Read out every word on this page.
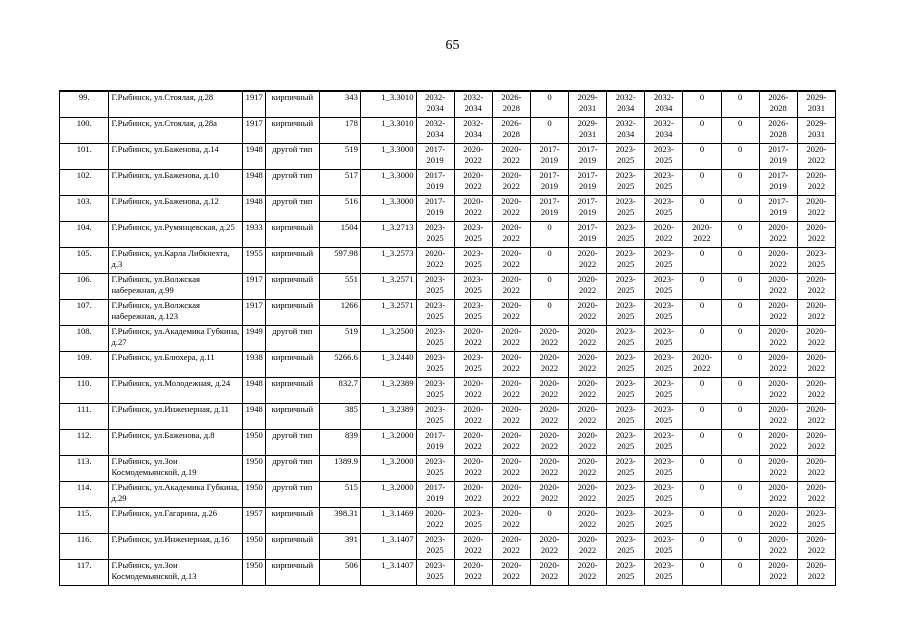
65
99.	Г.Рыбинск, ул.Стоялая, д.28	1917	кирпичный	343	1_3.3010	2032-2034	2032-2034	2026-2028	0	2029-2031	2032-2034	2032-2034	0	0	2026-2028	2029-2031
100.	Г.Рыбинск, ул.Стоялая, д.28а	1917	кирпичный	178	1_3.3010	2032-2034	2032-2034	2026-2028	0	2029-2031	2032-2034	2032-2034	0	0	2026-2028	2029-2031
101.	Г.Рыбинск, ул.Баженова, д.14	1948	другой тип	519	1_3.3000	2017-2019	2020-2022	2020-2022	2017-2019	2017-2019	2023-2025	2023-2025	0	0	2017-2019	2020-2022
102.	Г.Рыбинск, ул.Баженова, д.10	1948	другой тип	517	1_3.3000	2017-2019	2020-2022	2020-2022	2017-2019	2017-2019	2023-2025	2023-2025	0	0	2017-2019	2020-2022
103.	Г.Рыбинск, ул.Баженова, д.12	1948	другой тип	516	1_3.3000	2017-2019	2020-2022	2020-2022	2017-2019	2017-2019	2023-2025	2023-2025	0	0	2017-2019	2020-2022
104.	Г.Рыбинск, ул.Румянцевская, д.25	1933	кирпичный	1504	1_3.2713	2023-2025	2023-2025	2020-2022	0	2017-2019	2023-2025	2020-2022	2020-2022	0	2020-2022	2020-2022
105.	Г.Рыбинск, ул.Карла Либкнехта, д.3	1955	кирпичный	597.98	1_3.2573	2020-2022	2023-2025	2020-2022	0	2020-2022	2023-2025	2023-2025	0	0	2020-2022	2023-2025
106.	Г.Рыбинск, ул.Волжская набережная, д.99	1917	кирпичный	551	1_3.2571	2023-2025	2023-2025	2020-2022	0	2020-2022	2023-2025	2023-2025	0	0	2020-2022	2020-2022
107.	Г.Рыбинск, ул.Волжская набережная, д.123	1917	кирпичный	1266	1_3.2571	2023-2025	2023-2025	2020-2022	0	2020-2022	2023-2025	2023-2025	0	0	2020-2022	2020-2022
108.	Г.Рыбинск, ул.Академика Губкина, д.27	1949	другой тип	519	1_3.2500	2023-2025	2020-2022	2020-2022	2020-2022	2020-2022	2023-2025	2023-2025	0	0	2020-2022	2020-2022
109.	Г.Рыбинск, ул.Блюхера, д.11	1938	кирпичный	5266.6	1_3.2440	2023-2025	2023-2025	2020-2022	2020-2022	2020-2022	2023-2025	2023-2025	2020-2022	0	2020-2022	2020-2022
110.	Г.Рыбинск, ул.Молодежная, д.24	1948	кирпичный	832.7	1_3.2389	2023-2025	2020-2022	2020-2022	2020-2022	2020-2022	2023-2025	2023-2025	0	0	2020-2022	2020-2022
111.	Г.Рыбинск, ул.Инженерная, д.11	1948	кирпичный	385	1_3.2389	2023-2025	2020-2022	2020-2022	2020-2022	2020-2022	2023-2025	2023-2025	0	0	2020-2022	2020-2022
112.	Г.Рыбинск, ул.Баженова, д.8	1950	другой тип	839	1_3.2000	2017-2019	2020-2022	2020-2022	2020-2022	2020-2022	2023-2025	2023-2025	0	0	2020-2022	2020-2022
113.	Г.Рыбинск, ул.Зои Космодемьянской, д.19	1950	другой тип	1389.9	1_3.2000	2023-2025	2020-2022	2020-2022	2020-2022	2020-2022	2023-2025	2023-2025	0	0	2020-2022	2020-2022
114.	Г.Рыбинск, ул.Академика Губкина, д.29	1950	другой тип	515	1_3.2000	2017-2019	2020-2022	2020-2022	2020-2022	2020-2022	2023-2025	2023-2025	0	0	2020-2022	2020-2022
115.	Г.Рыбинск, ул.Гагарина, д.26	1957	кирпичный	398.31	1_3.1469	2020-2022	2023-2025	2020-2022	0	2020-2022	2023-2025	2023-2025	0	0	2020-2022	2023-2025
116.	Г.Рыбинск, ул.Инженерная, д.16	1950	кирпичный	391	1_3.1407	2023-2025	2020-2022	2020-2022	2020-2022	2020-2022	2023-2025	2023-2025	0	0	2020-2022	2020-2022
117.	Г.Рыбинск, ул.Зои Космодемьянской, д.13	1950	кирпичный	506	1_3.1407	2023-2025	2020-2022	2020-2022	2020-2022	2020-2022	2023-2025	2023-2025	0	0	2020-2022	2020-2022
